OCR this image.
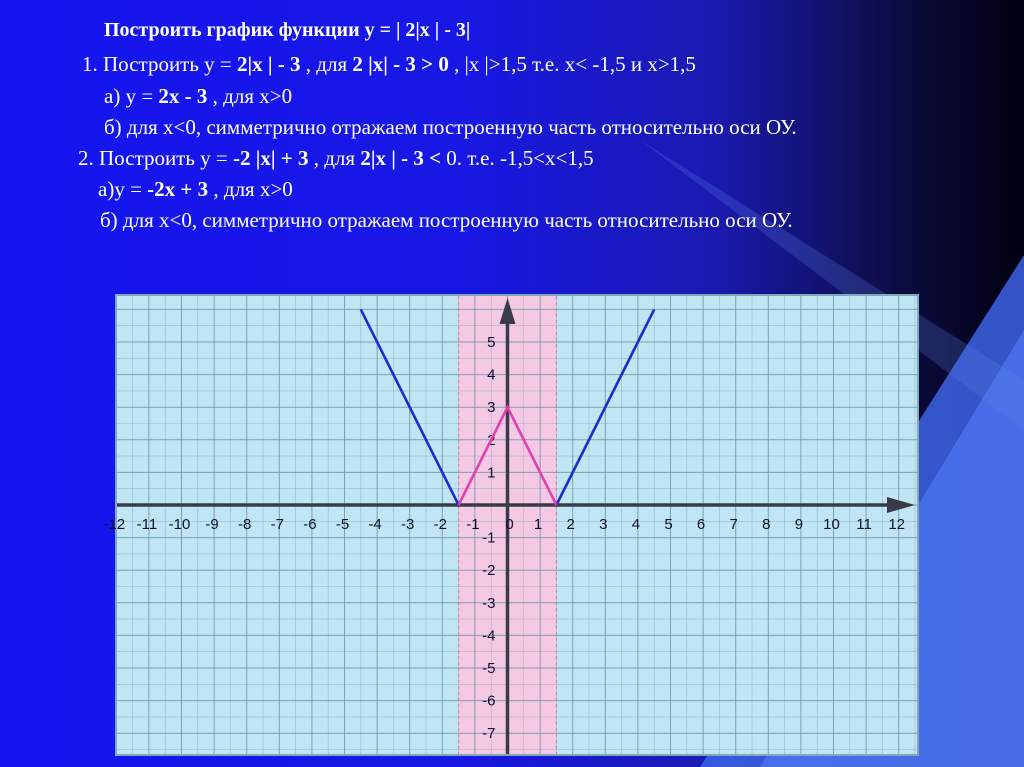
Построить график функции y = | 2|x | - 3|
1. Построить y = 2|x | - 3 , для 2 |x| - 3 > 0 , |x |>1,5 т.е. x< -1,5 и x>1,5
а) y = 2x - 3 , для x>0
б) для x<0, симметрично отражаем построенную часть относительно оси ОУ.
2. Построить y = -2 |x| + 3 , для 2|x | - 3 < 0. т.е. -1,5<x<1,5
а)y = -2x + 3 , для x>0
б) для x<0, симметрично отражаем построенную часть относительно оси ОУ.
-12 -11 -10 -9 -8 -7 -6 -5 -4 -3 -2 -1 0 1 2 3 4 5 6 7 8 9 10 11 12
5
4
3
2
1
-1
-2
-3
-4
-5
-6
-7
